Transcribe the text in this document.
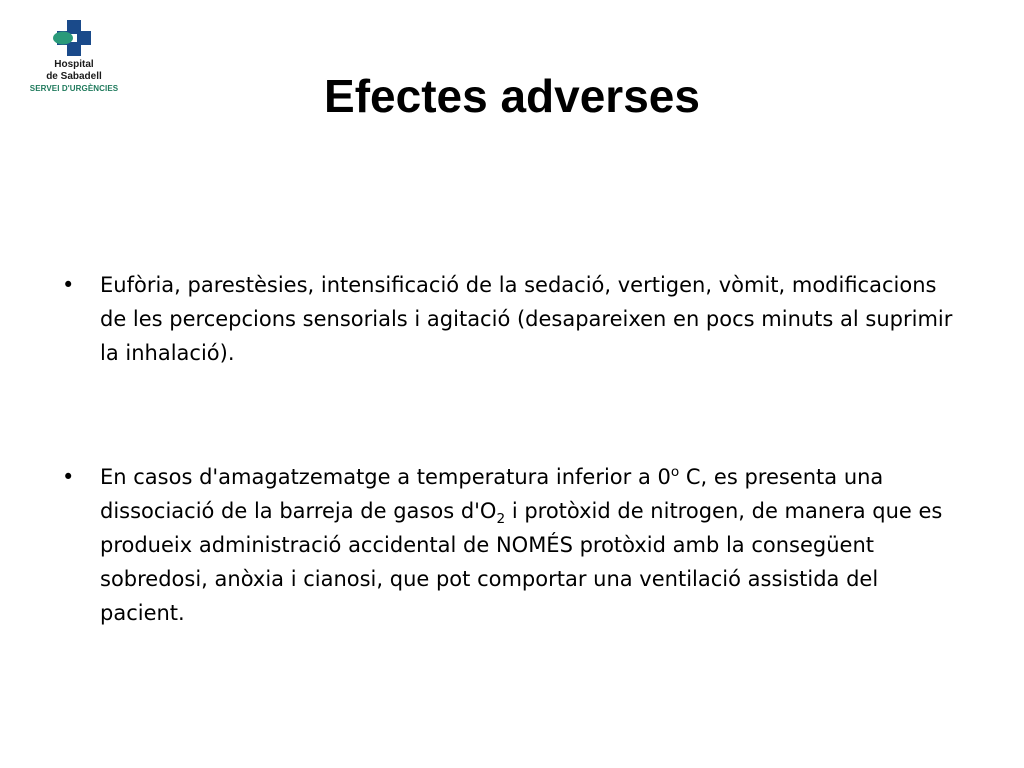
Hospital
de Sabadell
SERVEI D'URGÈNCIES	Efectes adverses
• Eufòria, parestèsies, intensificació de la sedació, vertigen, vòmit, modificacions de les percepcions sensorials i agitació (desapareixen en pocs minuts al suprimir la inhalació).
• En casos d'amagatzematge a temperatura inferior a 0$^o$ C, es presenta una dissociació de la barreja de gasos $d'O_2$ i protòxid de nitrogen, de manera que es produeix administració accidental de NOMÉS protòxid amb la consegüent sobredosi, anòxia i cianosi, que pot comportar una ventilació assistida del pacient.
